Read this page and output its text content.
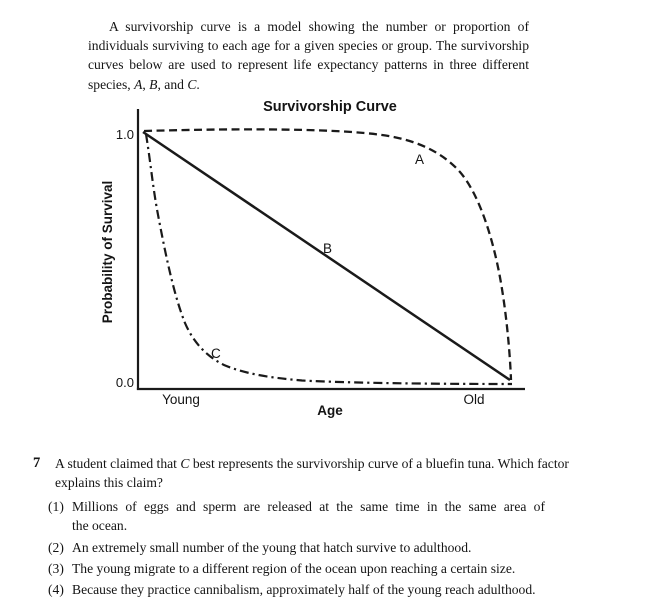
A survivorship curve is a model showing the number or proportion of
individuals surviving to each age for a given species or group. The survivorship
curves below are used to represent life expectancy patterns in three different
species, A, B, and C.

Survivorship Curve
Probability of Survival
1.0
0.0
Young	Old
Age
A
B
C
7 A student claimed that C best represents the survivorship curve of a bluefin tuna. Which factor
explains this claim?
(1) Millions of eggs and sperm are released at the same time in the same area of
the ocean.
(2) An extremely small number of the young that hatch survive to adulthood.
(3) The young migrate to a different region of the ocean upon reaching a certain size.
(4) Because they practice cannibalism, approximately half of the young reach adulthood.
